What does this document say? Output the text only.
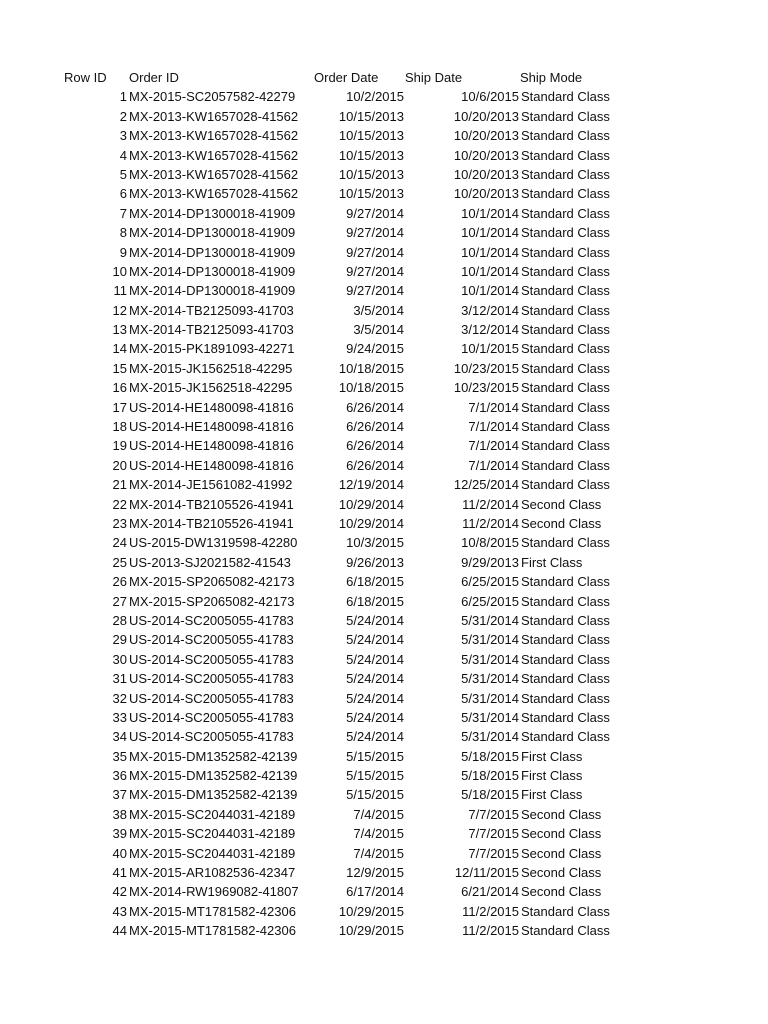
Row ID	Order ID	Order Date	Ship Date	Ship Mode
1 MX-2015-SC2057582-42279	10/2/2015	10/6/2015 Standard Class
2 MX-2013-KW1657028-41562	10/15/2013	10/20/2013 Standard Class
3 MX-2013-KW1657028-41562	10/15/2013	10/20/2013 Standard Class
4 MX-2013-KW1657028-41562	10/15/2013	10/20/2013 Standard Class
5 MX-2013-KW1657028-41562	10/15/2013	10/20/2013 Standard Class
6 MX-2013-KW1657028-41562	10/15/2013	10/20/2013 Standard Class
7 MX-2014-DP1300018-41909	9/27/2014	10/1/2014 Standard Class
8 MX-2014-DP1300018-41909	9/27/2014	10/1/2014 Standard Class
9 MX-2014-DP1300018-41909	9/27/2014	10/1/2014 Standard Class
10 MX-2014-DP1300018-41909	9/27/2014	10/1/2014 Standard Class
11 MX-2014-DP1300018-41909	9/27/2014	10/1/2014 Standard Class
12 MX-2014-TB2125093-41703	3/5/2014	3/12/2014 Standard Class
13 MX-2014-TB2125093-41703	3/5/2014	3/12/2014 Standard Class
14 MX-2015-PK1891093-42271	9/24/2015	10/1/2015 Standard Class
15 MX-2015-JK1562518-42295	10/18/2015	10/23/2015 Standard Class
16 MX-2015-JK1562518-42295	10/18/2015	10/23/2015 Standard Class
17 US-2014-HE1480098-41816	6/26/2014	7/1/2014 Standard Class
18 US-2014-HE1480098-41816	6/26/2014	7/1/2014 Standard Class
19 US-2014-HE1480098-41816	6/26/2014	7/1/2014 Standard Class
20 US-2014-HE1480098-41816	6/26/2014	7/1/2014 Standard Class
21 MX-2014-JE1561082-41992	12/19/2014	12/25/2014 Standard Class
22 MX-2014-TB2105526-41941	10/29/2014	11/2/2014 Second Class
23 MX-2014-TB2105526-41941	10/29/2014	11/2/2014 Second Class
24 US-2015-DW1319598-42280	10/3/2015	10/8/2015 Standard Class
25 US-2013-SJ2021582-41543	9/26/2013	9/29/2013 First Class
26 MX-2015-SP2065082-42173	6/18/2015	6/25/2015 Standard Class
27 MX-2015-SP2065082-42173	6/18/2015	6/25/2015 Standard Class
28 US-2014-SC2005055-41783	5/24/2014	5/31/2014 Standard Class
29 US-2014-SC2005055-41783	5/24/2014	5/31/2014 Standard Class
30 US-2014-SC2005055-41783	5/24/2014	5/31/2014 Standard Class
31 US-2014-SC2005055-41783	5/24/2014	5/31/2014 Standard Class
32 US-2014-SC2005055-41783	5/24/2014	5/31/2014 Standard Class
33 US-2014-SC2005055-41783	5/24/2014	5/31/2014 Standard Class
34 US-2014-SC2005055-41783	5/24/2014	5/31/2014 Standard Class
35 MX-2015-DM1352582-42139	5/15/2015	5/18/2015 First Class
36 MX-2015-DM1352582-42139	5/15/2015	5/18/2015 First Class
37 MX-2015-DM1352582-42139	5/15/2015	5/18/2015 First Class
38 MX-2015-SC2044031-42189	7/4/2015	7/7/2015 Second Class
39 MX-2015-SC2044031-42189	7/4/2015	7/7/2015 Second Class
40 MX-2015-SC2044031-42189	7/4/2015	7/7/2015 Second Class
41 MX-2015-AR1082536-42347	12/9/2015	12/11/2015 Second Class
42 MX-2014-RW1969082-41807	6/17/2014	6/21/2014 Second Class
43 MX-2015-MT1781582-42306	10/29/2015	11/2/2015 Standard Class
44 MX-2015-MT1781582-42306	10/29/2015	11/2/2015 Standard Class
